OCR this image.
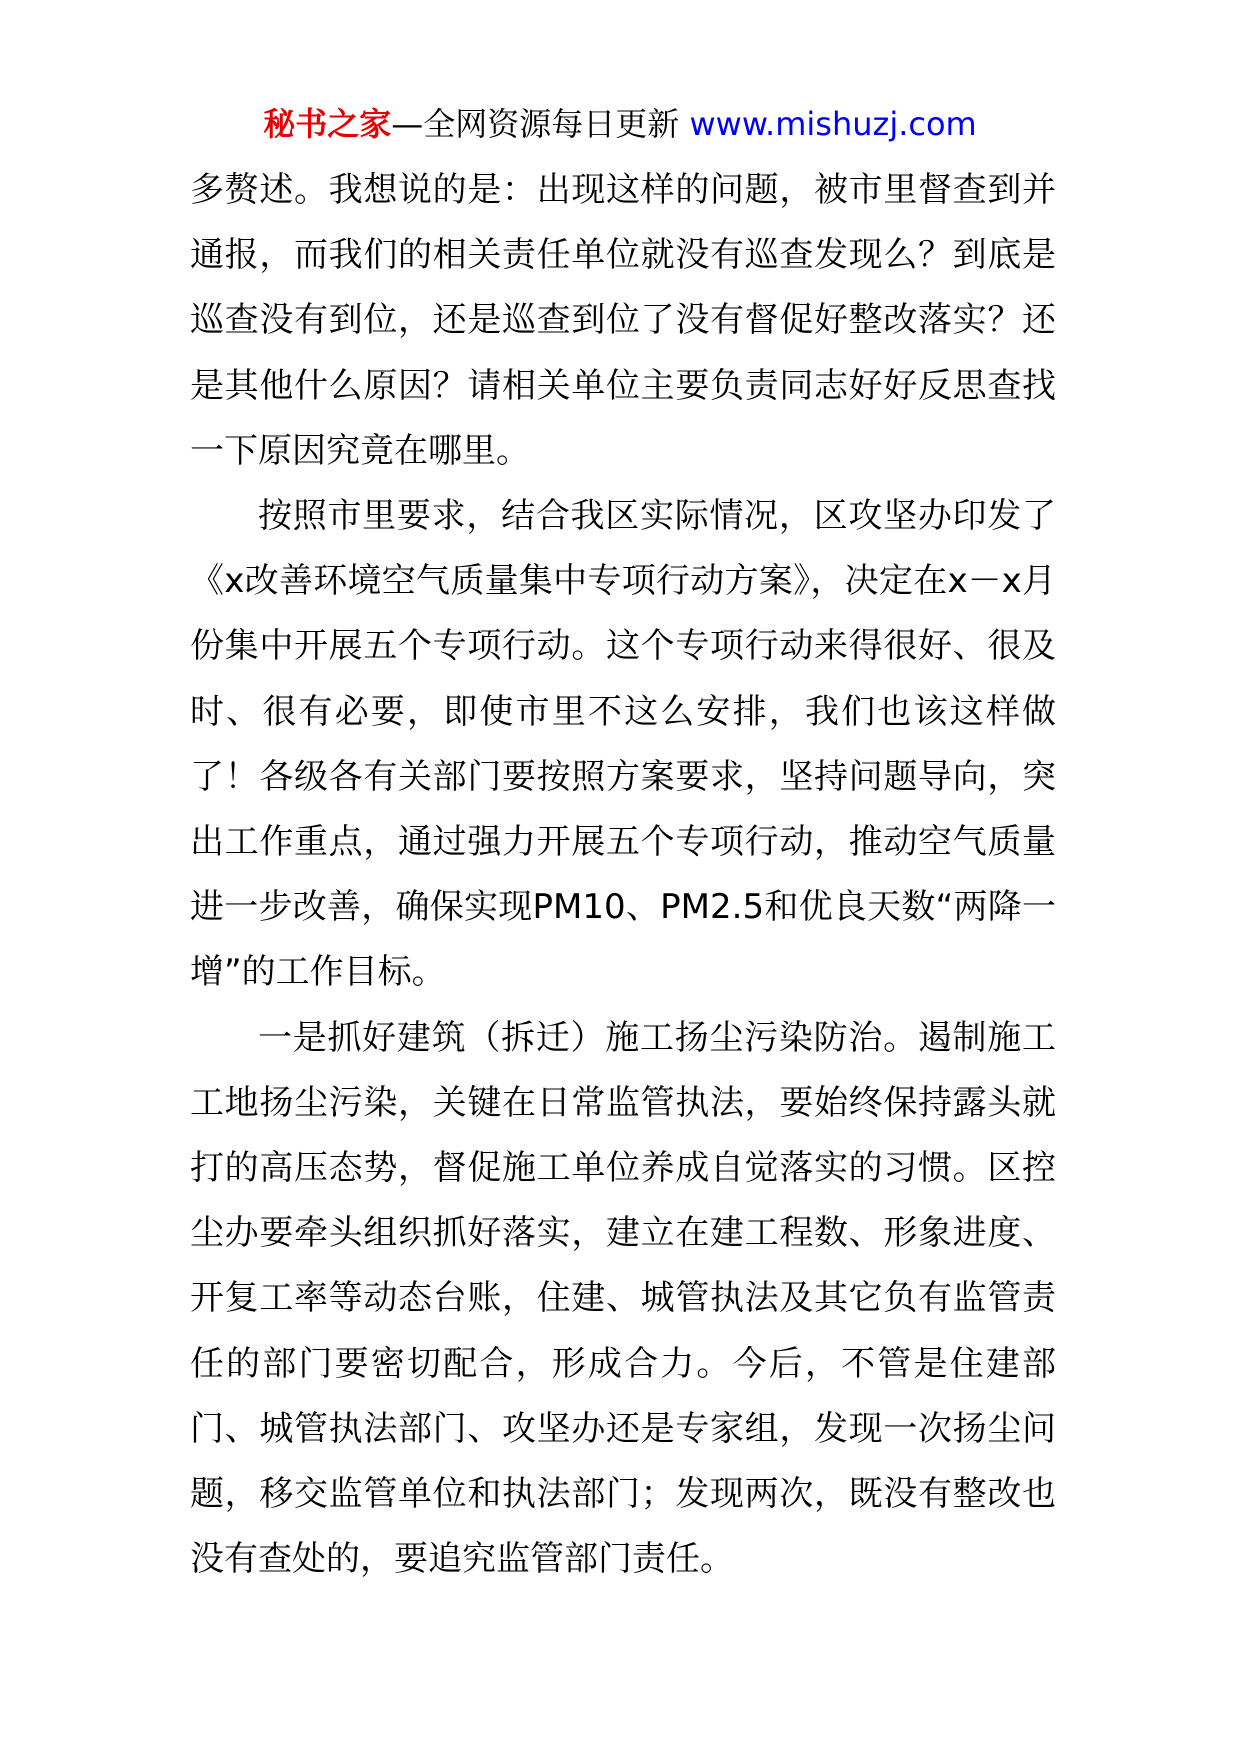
秘书之家—全网资源每日更新 www.mishuzj.com

多赘述。我想说的是：出现这样的问题，被市里督查到并通报，而我们的相关责任单位就没有巡查发现么？到底是巡查没有到位，还是巡查到位了没有督促好整改落实？还是其他什么原因？请相关单位主要负责同志好好反思查找一下原因究竟在哪里。

按照市里要求，结合我区实际情况，区攻坚办印发了《x改善环境空气质量集中专项行动方案》，决定在x－x月份集中开展五个专项行动。这个专项行动来得很好、很及时、很有必要，即使市里不这么安排，我们也该这样做了！各级各有关部门要按照方案要求，坚持问题导向，突出工作重点，通过强力开展五个专项行动，推动空气质量进一步改善，确保实现PM10、PM2.5和优良天数“两降一增”的工作目标。

一是抓好建筑（拆迁）施工扬尘污染防治。遏制施工工地扬尘污染，关键在日常监管执法，要始终保持露头就打的高压态势，督促施工单位养成自觉落实的习惯。区控尘办要牵头组织抓好落实，建立在建工程数、形象进度、开复工率等动态台账，住建、城管执法及其它负有监管责任的部门要密切配合，形成合力。今后，不管是住建部门、城管执法部门、攻坚办还是专家组，发现一次扬尘问题，移交监管单位和执法部门；发现两次，既没有整改也没有查处的，要追究监管部门责任。
